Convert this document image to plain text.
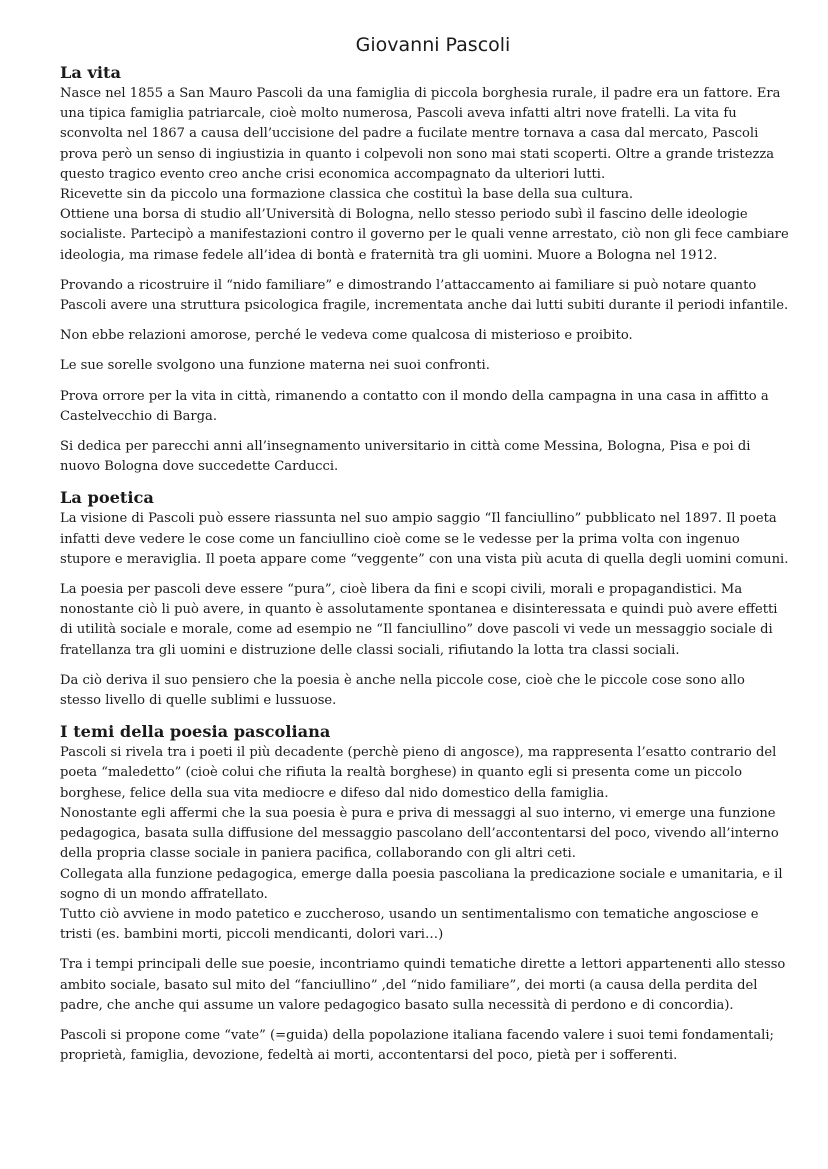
Giovanni Pascoli
La vita

Nasce nel 1855 a San Mauro Pascoli da una famiglia di piccola borghesia rurale, il padre era un fattore. Era una tipica famiglia patriarcale, cioè molto numerosa, Pascoli aveva infatti altri nove fratelli. La vita fu sconvolta nel 1867 a causa dell’uccisione del padre a fucilate mentre tornava a casa dal mercato, Pascoli prova però un senso di ingiustizia in quanto i colpevoli non sono mai stati scoperti. Oltre a grande tristezza questo tragico evento creo anche crisi economica accompagnato da ulteriori lutti.

Ricevette sin da piccolo una formazione classica che costituì la base della sua cultura.

Ottiene una borsa di studio all’Università di Bologna, nello stesso periodo subì il fascino delle ideologie socialiste. Partecipò a manifestazioni contro il governo per le quali venne arrestato, ciò non gli fece cambiare ideologia, ma rimase fedele all’idea di bontà e fraternità tra gli uomini. Muore a Bologna nel 1912.

Provando a ricostruire il “nido familiare” e dimostrando l’attaccamento ai familiare si può notare quanto Pascoli avere una struttura psicologica fragile, incrementata anche dai lutti subiti durante il periodi infantile.

Non ebbe relazioni amorose, perché le vedeva come qualcosa di misterioso e proibito.

Le sue sorelle svolgono una funzione materna nei suoi confronti.

Prova orrore per la vita in città, rimanendo a contatto con il mondo della campagna in una casa in affitto a Castelvecchio di Barga.

Si dedica per parecchi anni all’insegnamento universitario in città come Messina, Bologna, Pisa e poi di nuovo Bologna dove succedette Carducci.

La poetica

La visione di Pascoli può essere riassunta nel suo ampio saggio “Il fanciullino” pubblicato nel 1897. Il poeta infatti deve vedere le cose come un fanciullino cioè come se le vedesse per la prima volta con ingenuo stupore e meraviglia. Il poeta appare come “veggente” con una vista più acuta di quella degli uomini comuni.

La poesia per pascoli deve essere “pura”, cioè libera da fini e scopi civili, morali e propagandistici. Ma nonostante ciò li può avere, in quanto è assolutamente spontanea e disinteressata e quindi può avere effetti di utilità sociale e morale, come ad esempio ne “Il fanciullino” dove pascoli vi vede un messaggio sociale di fratellanza tra gli uomini e distruzione delle classi sociali, rifiutando la lotta tra classi sociali.

Da ciò deriva il suo pensiero che la poesia è anche nella piccole cose, cioè che le piccole cose sono allo stesso livello di quelle sublimi e lussuose.

I temi della poesia pascoliana

Pascoli si rivela tra i poeti il più decadente (perchè pieno di angosce), ma rappresenta l’esatto contrario del poeta “maledetto” (cioè colui che rifiuta la realtà borghese) in quanto egli si presenta come un piccolo borghese, felice della sua vita mediocre e difeso dal nido domestico della famiglia.

Nonostante egli affermi che la sua poesia è pura e priva di messaggi al suo interno, vi emerge una funzione pedagogica, basata sulla diffusione del messaggio pascolano dell’accontentarsi del poco, vivendo all’interno della propria classe sociale in paniera pacifica, collaborando con gli altri ceti.

Collegata alla funzione pedagogica, emerge dalla poesia pascoliana la predicazione sociale e umanitaria, e il sogno di un mondo affratellato.

Tutto ciò avviene in modo patetico e zuccheroso, usando un sentimentalismo con tematiche angosciose e tristi (es. bambini morti, piccoli mendicanti, dolori vari…)

Tra i tempi principali delle sue poesie, incontriamo quindi tematiche dirette a lettori appartenenti allo stesso ambito sociale, basato sul mito del “fanciullino” ,del “nido familiare”, dei morti (a causa della perdita del padre, che anche qui assume un valore pedagogico basato sulla necessità di perdono e di concordia).

Pascoli si propone come “vate” (=guida) della popolazione italiana facendo valere i suoi temi fondamentali; proprietà, famiglia, devozione, fedeltà ai morti, accontentarsi del poco, pietà per i sofferenti.
